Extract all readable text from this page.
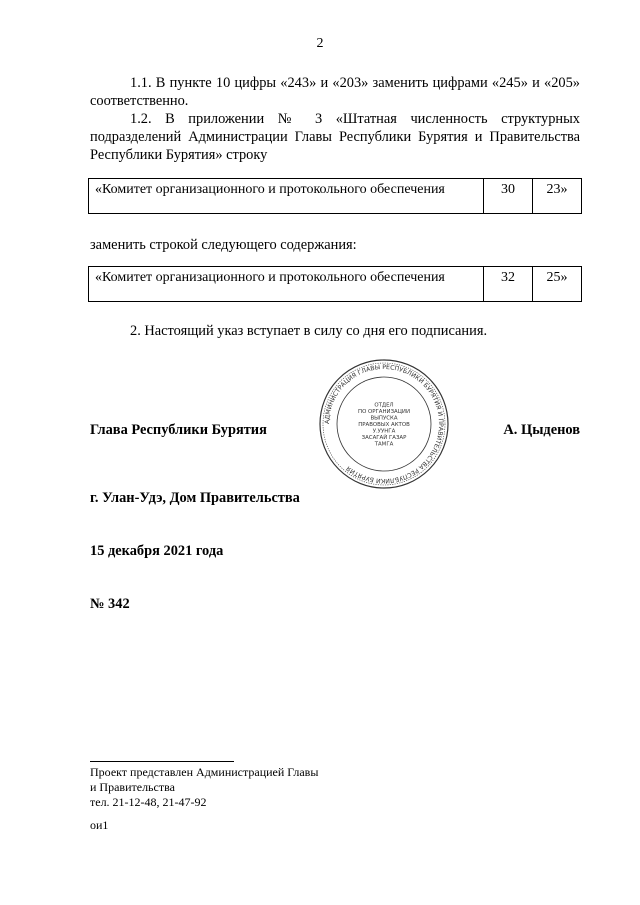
2
1.1. В пункте 10 цифры «243» и «203» заменить цифрами «245» и «205» соответственно.
1.2. В приложении № 3 «Штатная численность структурных подразделений Администрации Главы Республики Бурятия и Правительства Республики Бурятия» строку
«Комитет организационного и протокольного обеспечения	30	23»
заменить строкой следующего содержания:
«Комитет организационного и протокольного обеспечения	32	25»
2. Настоящий указ вступает в силу со дня его подписания.
Глава Республики Бурятия	А. Цыденов
АДМИНИСТРАЦИЯ ГЛАВЫ РЕСПУБЛИКИ БУРЯТИЯ И ПРАВИТЕЛЬСТВА РЕСПУБЛИКИ БУРЯТИЯ
ОТДЕЛ
ПО ОРГАНИЗАЦИИ
ВЫПУСКА
ПРАВОВЫХ АКТОВ
У.УУНГА
ЗАСАГАЙ ГАЗАР
ТАМГА
г. Улан-Удэ, Дом Правительства
15 декабря 2021 года
№ 342
Проект представлен Администрацией Главы
и Правительства
тел. 21-12-48, 21-47-92
ои1
